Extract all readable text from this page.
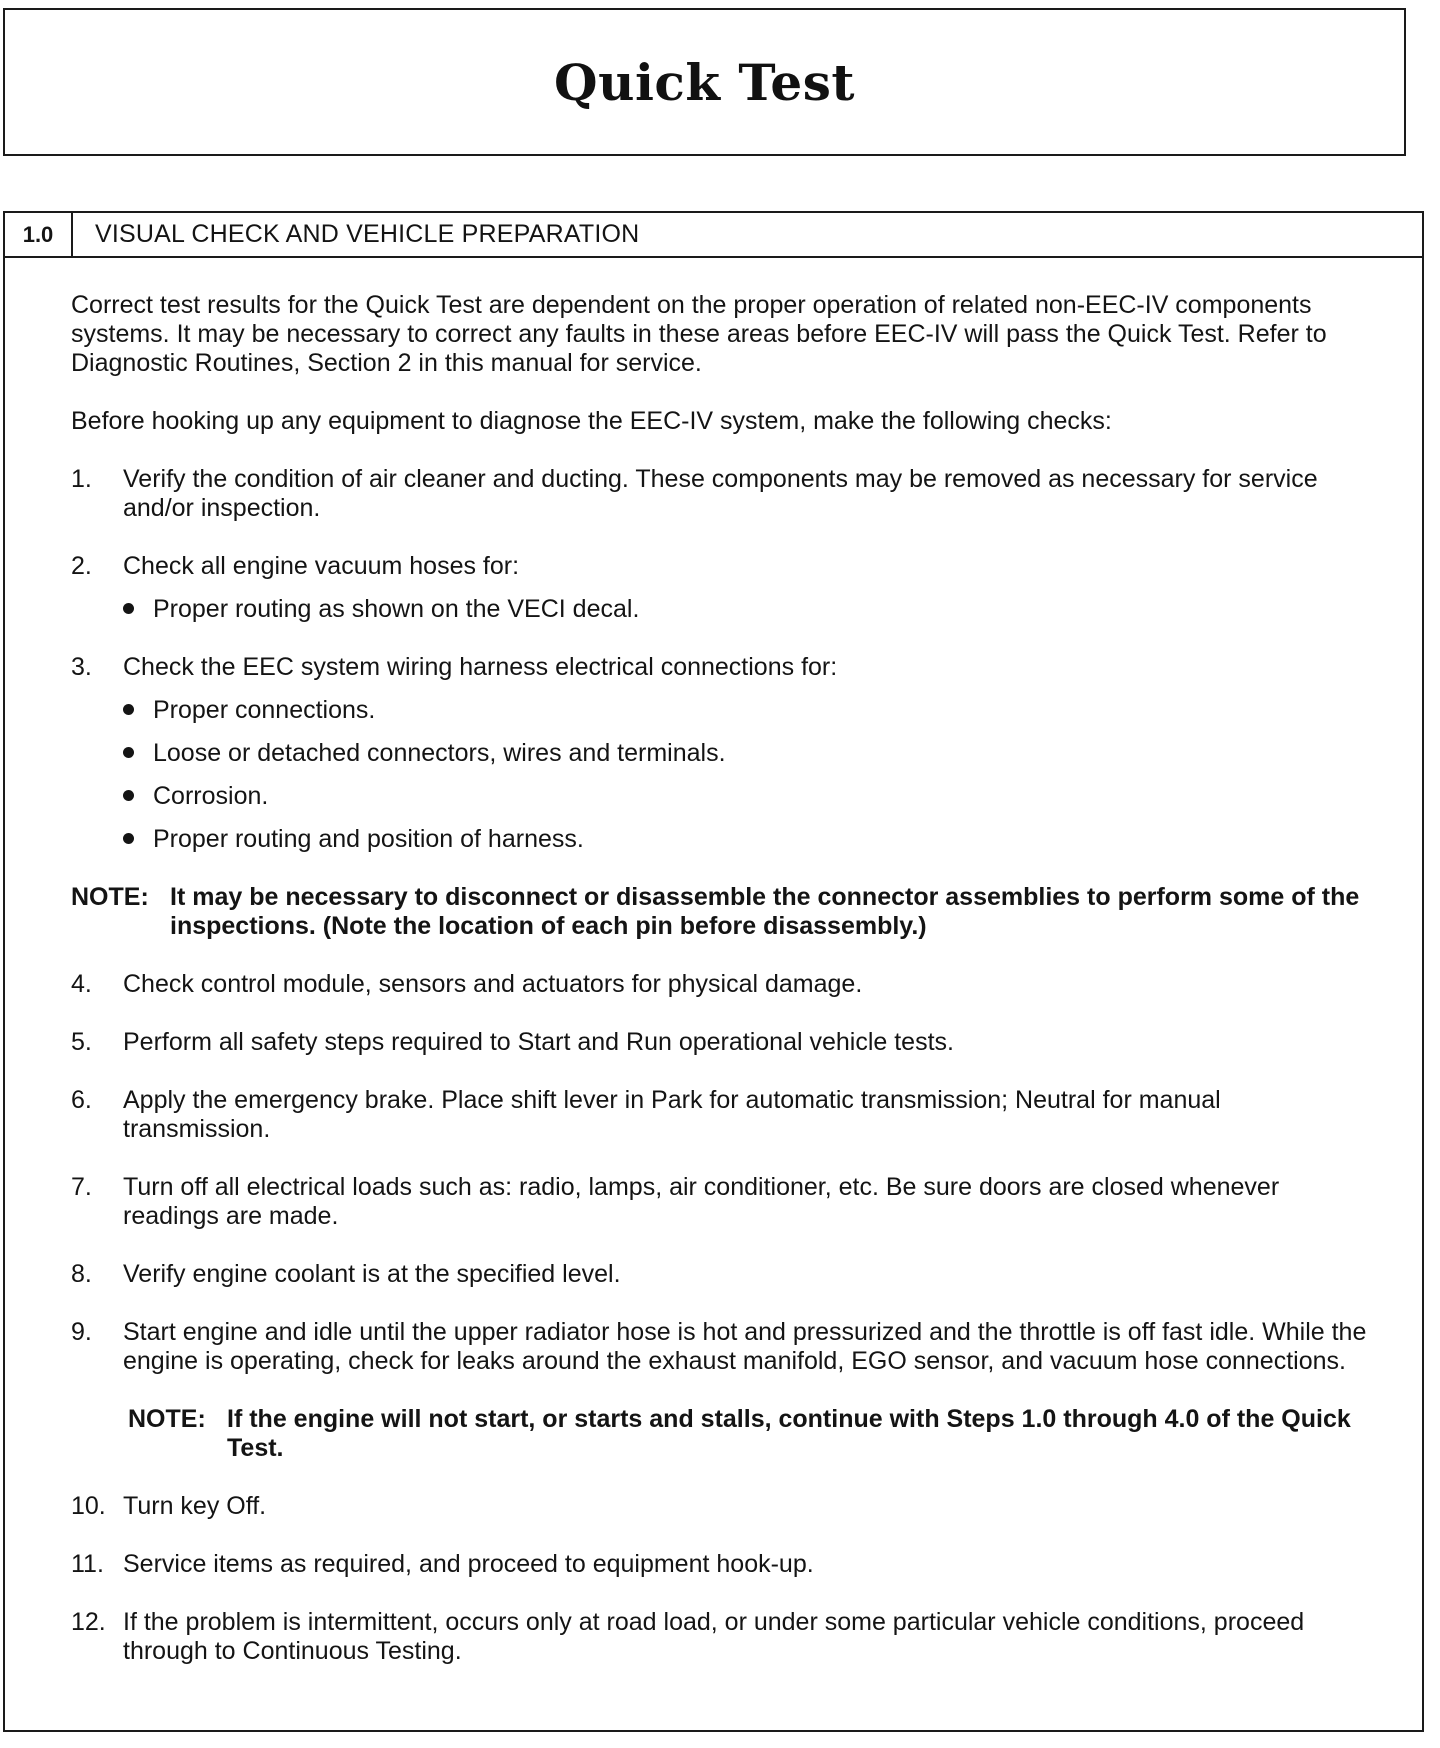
Quick Test
1.0	VISUAL CHECK AND VEHICLE PREPARATION

Correct test results for the Quick Test are dependent on the proper operation of related non-EEC-IV components systems. It may be necessary to correct any faults in these areas before EEC-IV will pass the Quick Test. Refer to Diagnostic Routines, Section 2 in this manual for service.

Before hooking up any equipment to diagnose the EEC-IV system, make the following checks:

1.	Verify the condition of air cleaner and ducting. These components may be removed as necessary for service and/or inspection.
2.	Check all engine vacuum hoses for:
Proper routing as shown on the VECI decal.
3.	Check the EEC system wiring harness electrical connections for:
Proper connections.
Loose or detached connectors, wires and terminals.
Corrosion.
Proper routing and position of harness.
NOTE: It may be necessary to disconnect or disassemble the connector assemblies to perform some of the inspections. (Note the location of each pin before disassembly.)
4.	Check control module, sensors and actuators for physical damage.
5.	Perform all safety steps required to Start and Run operational vehicle tests.
6.	Apply the emergency brake. Place shift lever in Park for automatic transmission; Neutral for manual transmission.
7.	Turn off all electrical loads such as: radio, lamps, air conditioner, etc. Be sure doors are closed whenever readings are made.
8.	Verify engine coolant is at the specified level.
9.	Start engine and idle until the upper radiator hose is hot and pressurized and the throttle is off fast idle. While the engine is operating, check for leaks around the exhaust manifold, EGO sensor, and vacuum hose connections.
NOTE: If the engine will not start, or starts and stalls, continue with Steps 1.0 through 4.0 of the Quick Test.
10. Turn key Off.
11. Service items as required, and proceed to equipment hook-up.
12. If the problem is intermittent, occurs only at road load, or under some particular vehicle conditions, proceed through to Continuous Testing.
